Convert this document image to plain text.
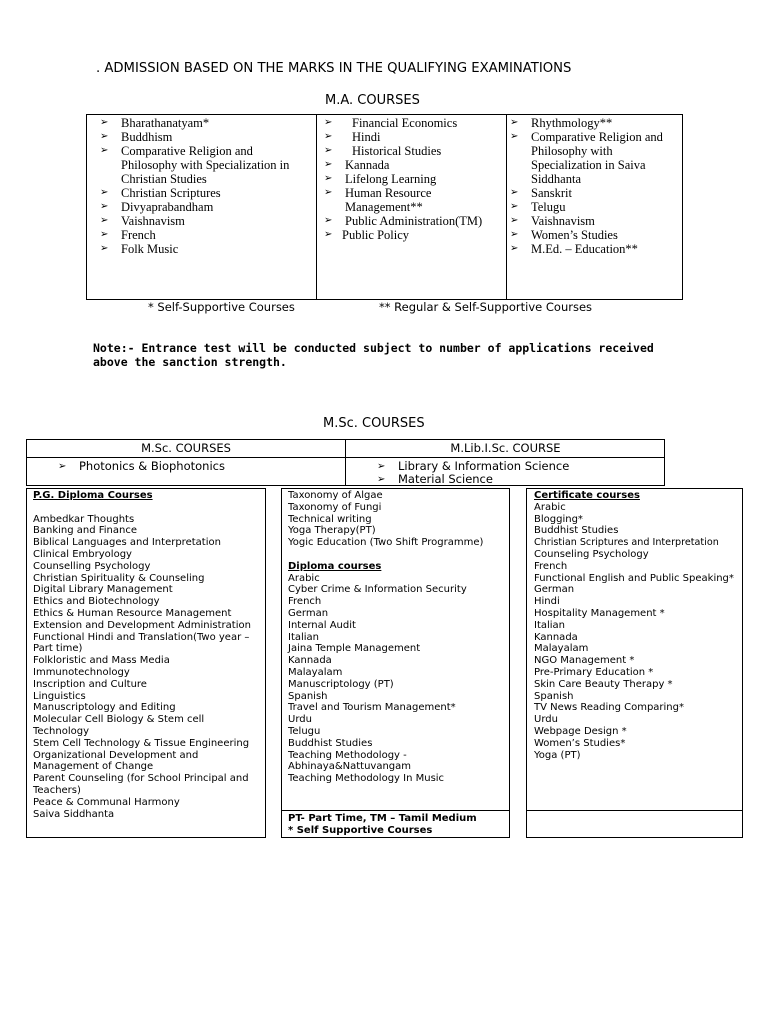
. ADMISSION BASED ON THE MARKS IN THE QUALIFYING EXAMINATIONS
M.A. COURSES
➢ Bharathanatyam*
➢ Buddhism
➢ Comparative Religion and Philosophy with Specialization in Christian Studies
➢ Christian Scriptures
➢ Divyaprabandham
➢ Vaishnavism
➢ French
➢ Folk Music
➢ Financial Economics
➢ Hindi
➢ Historical Studies
➢ Kannada
➢ Lifelong Learning
➢ Human Resource Management**
➢ Public Administration(TM)
➢ Public Policy
➢ Rhythmology**
➢ Comparative Religion and Philosophy with Specialization in Saiva Siddhanta
➢ Sanskrit
➢ Telugu
➢ Vaishnavism
➢ Women’s Studies
➢ M.Ed. – Education**
* Self-Supportive Courses	** Regular & Self-Supportive Courses
Note:- Entrance test will be conducted subject to number of applications received above the sanction strength.
M.Sc. COURSES
M.Sc. COURSES	M.Lib.I.Sc. COURSE
➢ Photonics & Biophotonics
➢	Library & Information Science
➢ Material Science
P.G. Diploma Courses
Ambedkar Thoughts
Banking and Finance
Biblical Languages and Interpretation
Clinical Embryology
Counselling Psychology
Christian Spirituality & Counseling
Digital Library Management
Ethics and Biotechnology
Ethics & Human Resource Management
Extension and Development Administration
Functional Hindi and Translation(Two year – Part time)
Folkloristic and Mass Media
Immunotechnology
Inscription and Culture
Linguistics
Manuscriptology and Editing
Molecular Cell Biology & Stem cell Technology
Stem Cell Technology & Tissue Engineering
Organizational Development and Management of Change
Parent Counseling (for School Principal and Teachers)
Peace & Communal Harmony
Saiva Siddhanta
Taxonomy of Algae
Taxonomy of Fungi
Technical writing
Yoga Therapy(PT)
Yogic Education (Two Shift Programme)
Diploma courses
Arabic
Cyber Crime & Information Security
French
German
Internal Audit
Italian
Jaina Temple Management
Kannada
Malayalam
Manuscriptology (PT)
Spanish
Travel and Tourism Management*
Urdu
Telugu
Buddhist Studies
Teaching Methodology - Abhinaya&Nattuvangam
Teaching Methodology In Music
PT- Part Time, TM – Tamil Medium
* Self Supportive Courses
Certificate courses
Arabic
Blogging*
Buddhist Studies
Christian Scriptures and Interpretation
Counseling Psychology
French
Functional English and Public Speaking*
German
Hindi
Hospitality Management *
Italian
Kannada
Malayalam
NGO Management *
Pre-Primary Education *
Skin Care Beauty Therapy *
Spanish
TV News Reading Comparing*
Urdu
Webpage Design *
Women’s Studies*
Yoga (PT)
